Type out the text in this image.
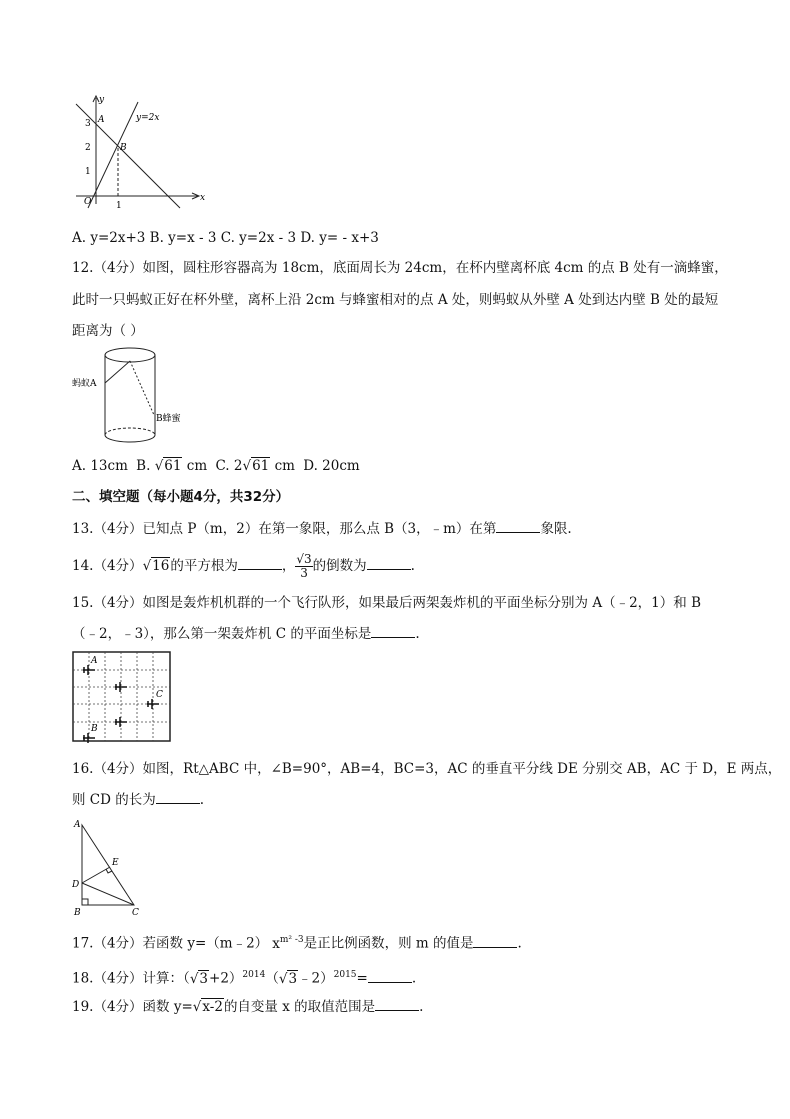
y
x
O
3
2
1
1
A
B
y=2x
A. y=2x+3 B. y=x - 3 C. y=2x - 3 D. y= - x+3
12.（4分）如图，圆柱形容器高为 18cm，底面周长为 24cm，在杯内壁离杯底 4cm 的点 B 处有一滴蜂蜜，
此时一只蚂蚁正好在杯外壁，离杯上沿 2cm 与蜂蜜相对的点 A 处，则蚂蚁从外壁 A 处到达内壁 B 处的最短
距离为（ ）
蚂蚁A
B蜂蜜
A. 13cm B. √61 cm C. 2√61 cm D. 20cm
二、填空题（每小题4分，共32分）
13.（4分）已知点 P（m，2）在第一象限，那么点 B（3，﹣m）在第	象限.
14.（4分）√16的平方根为	， $\frac{√3}{3}$ 的倒数为	.
15.（4分）如图是轰炸机机群的一个飞行队形，如果最后两架轰炸机的平面坐标分别为 A（﹣2，1）和 B
（﹣2，﹣3），那么第一架轰炸机 C 的平面坐标是	.
A
C
B
16.（4分）如图，Rt△ABC 中，∠B=90°，AB=4，BC=3，AC 的垂直平分线 DE 分别交 AB，AC 于 D，E 两点，
则 CD 的长为	.
A
B	C
D
E
17.（4分）若函数 y=（m﹣2） $x^{m^2 -3}$是正比例函数，则 m 的值是	.
18.（4分）计算：$(√3+2)^{2014}(√3﹣2)^{2015}=$	.
19.（4分）函数 y=√x-2的自变量 x 的取值范围是	.
